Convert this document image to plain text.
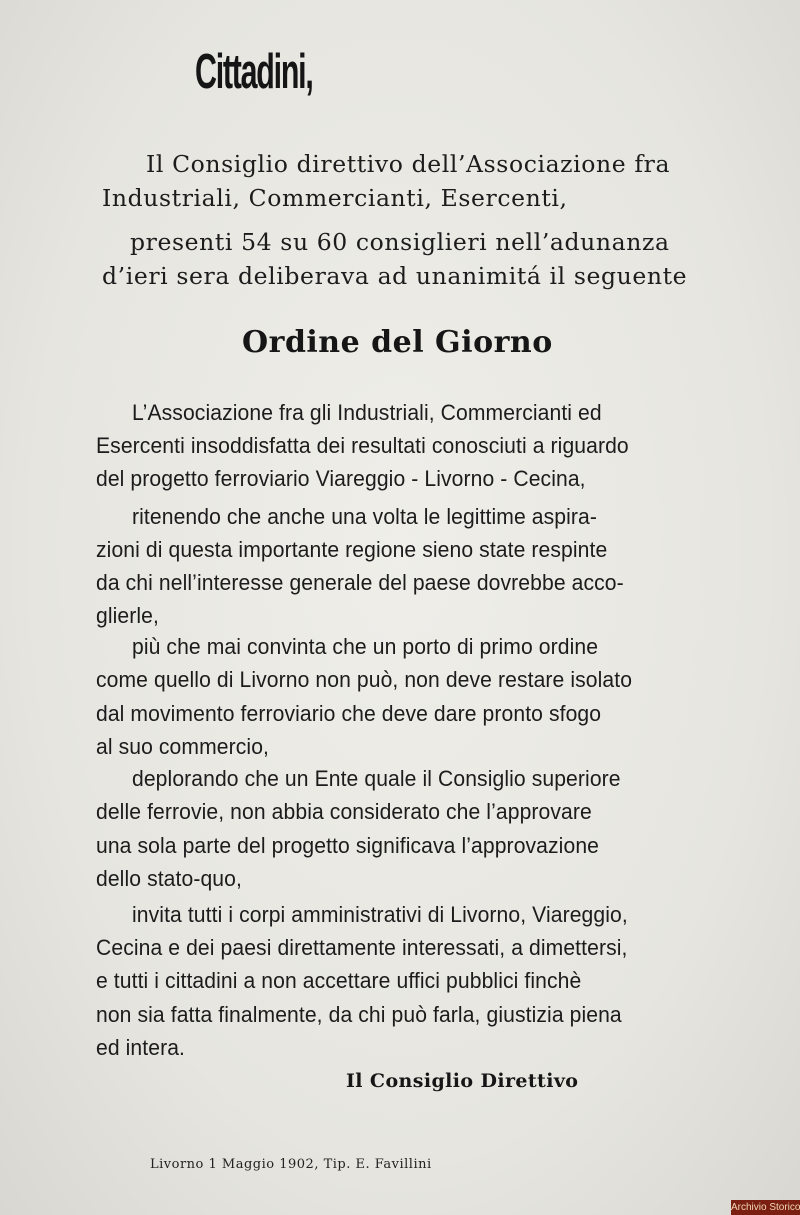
Cittadini,
Il Consiglio direttivo dell’Associazione fra
Industriali, Commercianti, Esercenti,
presenti 54 su 60 consiglieri nell’adunanza
d’ieri sera deliberava ad unanimitá il seguente
Ordine del Giorno
L’Associazione fra gli Industriali, Commercianti ed
Esercenti insoddisfatta dei resultati conosciuti a riguardo
del progetto ferroviario Viareggio - Livorno - Cecina,
ritenendo che anche una volta le legittime aspira-
zioni di questa importante regione sieno state respinte
da chi nell’interesse generale del paese dovrebbe acco-
glierle,
più che mai convinta che un porto di primo ordine
come quello di Livorno non può, non deve restare isolato
dal movimento ferroviario che deve dare pronto sfogo
al suo commercio,
deplorando che un Ente quale il Consiglio superiore
delle ferrovie, non abbia considerato che l’approvare
una sola parte del progetto significava l’approvazione
dello stato-quo,
invita tutti i corpi amministrativi di Livorno, Viareggio,
Cecina e dei paesi direttamente interessati, a dimettersi,
e tutti i cittadini a non accettare uffici pubblici finchè
non sia fatta finalmente, da chi può farla, giustizia piena
ed intera.
Il Consiglio Direttivo
Livorno 1 Maggio 1902, Tip. E. Favillini
Archivio Storico
